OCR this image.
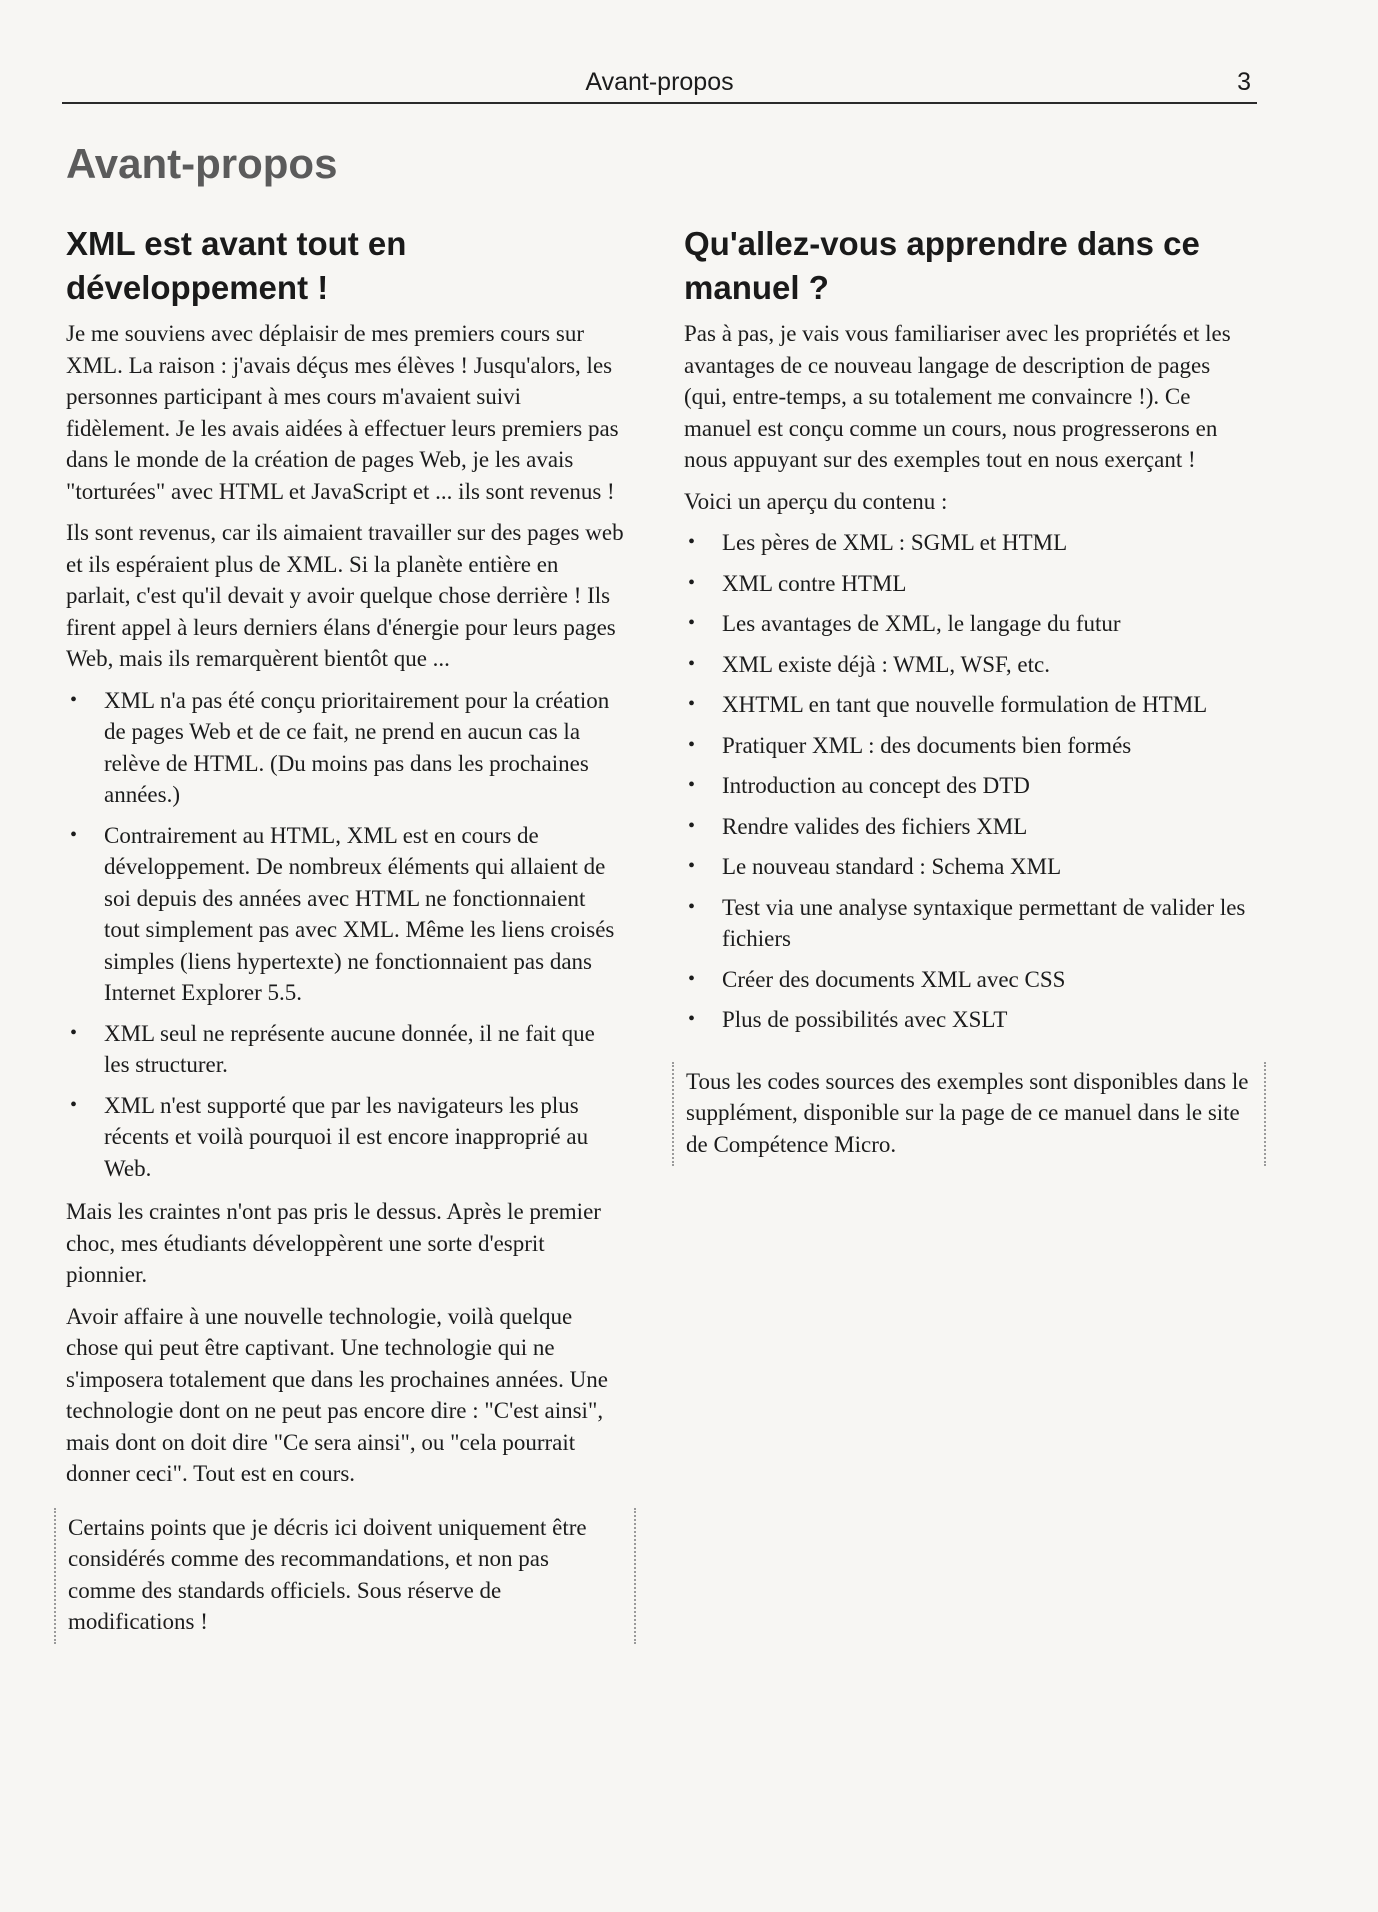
Avant-propos	3
Avant-propos
XML est avant tout en développement !

Je me souviens avec déplaisir de mes premiers cours sur XML. La raison : j'avais déçus mes élèves ! Jusqu'alors, les personnes participant à mes cours m'avaient suivi fidèlement. Je les avais aidées à effectuer leurs premiers pas dans le monde de la création de pages Web, je les avais "torturées" avec HTML et JavaScript et ... ils sont revenus !

Ils sont revenus, car ils aimaient travailler sur des pages web et ils espéraient plus de XML. Si la planète entière en parlait, c'est qu'il devait y avoir quelque chose derrière ! Ils firent appel à leurs derniers élans d'énergie pour leurs pages Web, mais ils remarquèrent bientôt que ...

• XML n'a pas été conçu prioritairement pour la création de pages Web et de ce fait, ne prend en aucun cas la relève de HTML. (Du moins pas dans les prochaines années.)
• Contrairement au HTML, XML est en cours de développement. De nombreux éléments qui allaient de soi depuis des années avec HTML ne fonctionnaient tout simplement pas avec XML. Même les liens croisés simples (liens hypertexte) ne fonctionnaient pas dans Internet Explorer 5.5.
• XML seul ne représente aucune donnée, il ne fait que les structurer.
• XML n'est supporté que par les navigateurs les plus récents et voilà pourquoi il est encore inapproprié au Web.

Mais les craintes n'ont pas pris le dessus. Après le premier choc, mes étudiants développèrent une sorte d'esprit pionnier.

Avoir affaire à une nouvelle technologie, voilà quelque chose qui peut être captivant. Une technologie qui ne s'imposera totalement que dans les prochaines années. Une technologie dont on ne peut pas encore dire : "C'est ainsi", mais dont on doit dire "Ce sera ainsi", ou "cela pourrait donner ceci". Tout est en cours.

Certains points que je décris ici doivent uniquement être considérés comme des recommandations, et non pas comme des standards officiels. Sous réserve de modifications !

Qu'allez-vous apprendre dans ce manuel ?

Pas à pas, je vais vous familiariser avec les propriétés et les avantages de ce nouveau langage de description de pages (qui, entre-temps, a su totalement me convaincre !). Ce manuel est conçu comme un cours, nous progresserons en nous appuyant sur des exemples tout en nous exerçant !

Voici un aperçu du contenu :

• Les pères de XML : SGML et HTML
• XML contre HTML
• Les avantages de XML, le langage du futur
• XML existe déjà : WML, WSF, etc.
• XHTML en tant que nouvelle formulation de HTML
• Pratiquer XML : des documents bien formés
• Introduction au concept des DTD
• Rendre valides des fichiers XML
• Le nouveau standard : Schema XML
• Test via une analyse syntaxique permettant de valider les fichiers
• Créer des documents XML avec CSS
• Plus de possibilités avec XSLT

Tous les codes sources des exemples sont disponibles dans le supplément, disponible sur la page de ce manuel dans le site de Compétence Micro.
